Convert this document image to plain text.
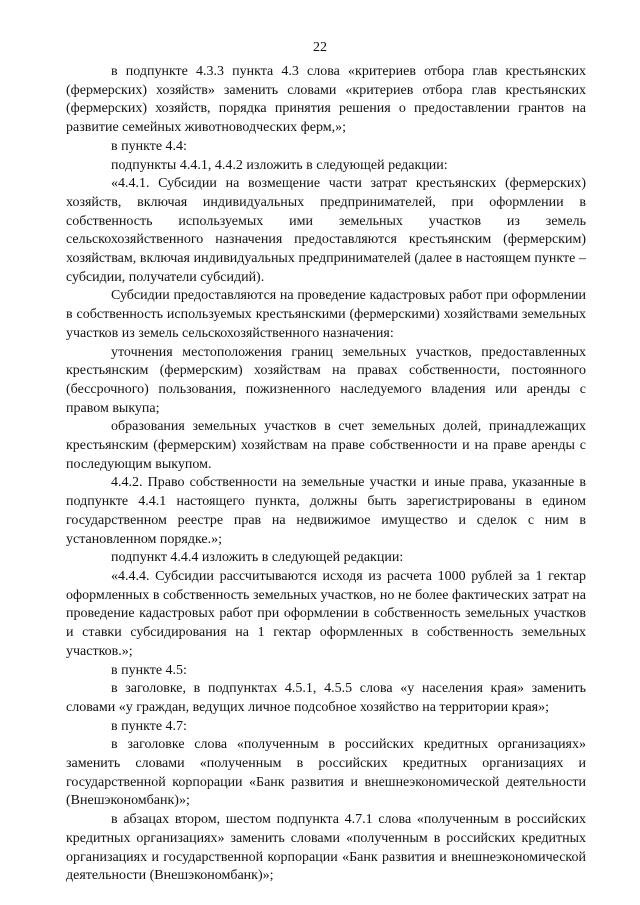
22

в подпункте 4.3.3 пункта 4.3 слова «критериев отбора глав крестьянских (фермерских) хозяйств» заменить словами «критериев отбора глав крестьянских (фермерских) хозяйств, порядка принятия решения о предоставлении грантов на развитие семейных животноводческих ферм,»;

в пункте 4.4:

подпункты 4.4.1, 4.4.2 изложить в следующей редакции:

«4.4.1. Субсидии на возмещение части затрат крестьянских (фермерских) хозяйств, включая индивидуальных предпринимателей, при оформлении в собственность используемых ими земельных участков из земель сельскохозяйственного назначения предоставляются крестьянским (фермерским) хозяйствам, включая индивидуальных предпринимателей (далее в настоящем пункте – субсидии, получатели субсидий).

Субсидии предоставляются на проведение кадастровых работ при оформлении в собственность используемых крестьянскими (фермерскими) хозяйствами земельных участков из земель сельскохозяйственного назначения:

уточнения местоположения границ земельных участков, предоставленных крестьянским (фермерским) хозяйствам на правах собственности, постоянного (бессрочного) пользования, пожизненного наследуемого владения или аренды с правом выкупа;

образования земельных участков в счет земельных долей, принадлежащих крестьянским (фермерским) хозяйствам на праве собственности и на праве аренды с последующим выкупом.

4.4.2. Право собственности на земельные участки и иные права, указанные в подпункте 4.4.1 настоящего пункта, должны быть зарегистрированы в едином государственном реестре прав на недвижимое имущество и сделок с ним в установленном порядке.»;

подпункт 4.4.4 изложить в следующей редакции:

«4.4.4. Субсидии рассчитываются исходя из расчета 1000 рублей за 1 гектар оформленных в собственность земельных участков, но не более фактических затрат на проведение кадастровых работ при оформлении в собственность земельных участков и ставки субсидирования на 1 гектар оформленных в собственность земельных участков.»;

в пункте 4.5:

в заголовке, в подпунктах 4.5.1, 4.5.5 слова «у населения края» заменить словами «у граждан, ведущих личное подсобное хозяйство на территории края»;

в пункте 4.7:

в заголовке слова «полученным в российских кредитных организациях» заменить словами «полученным в российских кредитных организациях и государственной корпорации «Банк развития и внешнеэкономической деятельности (Внешэкономбанк)»;

в абзацах втором, шестом подпункта 4.7.1 слова «полученным в российских кредитных организациях» заменить словами «полученным в российских кредитных организациях и государственной корпорации «Банк развития и внешнеэкономической деятельности (Внешэкономбанк)»;
